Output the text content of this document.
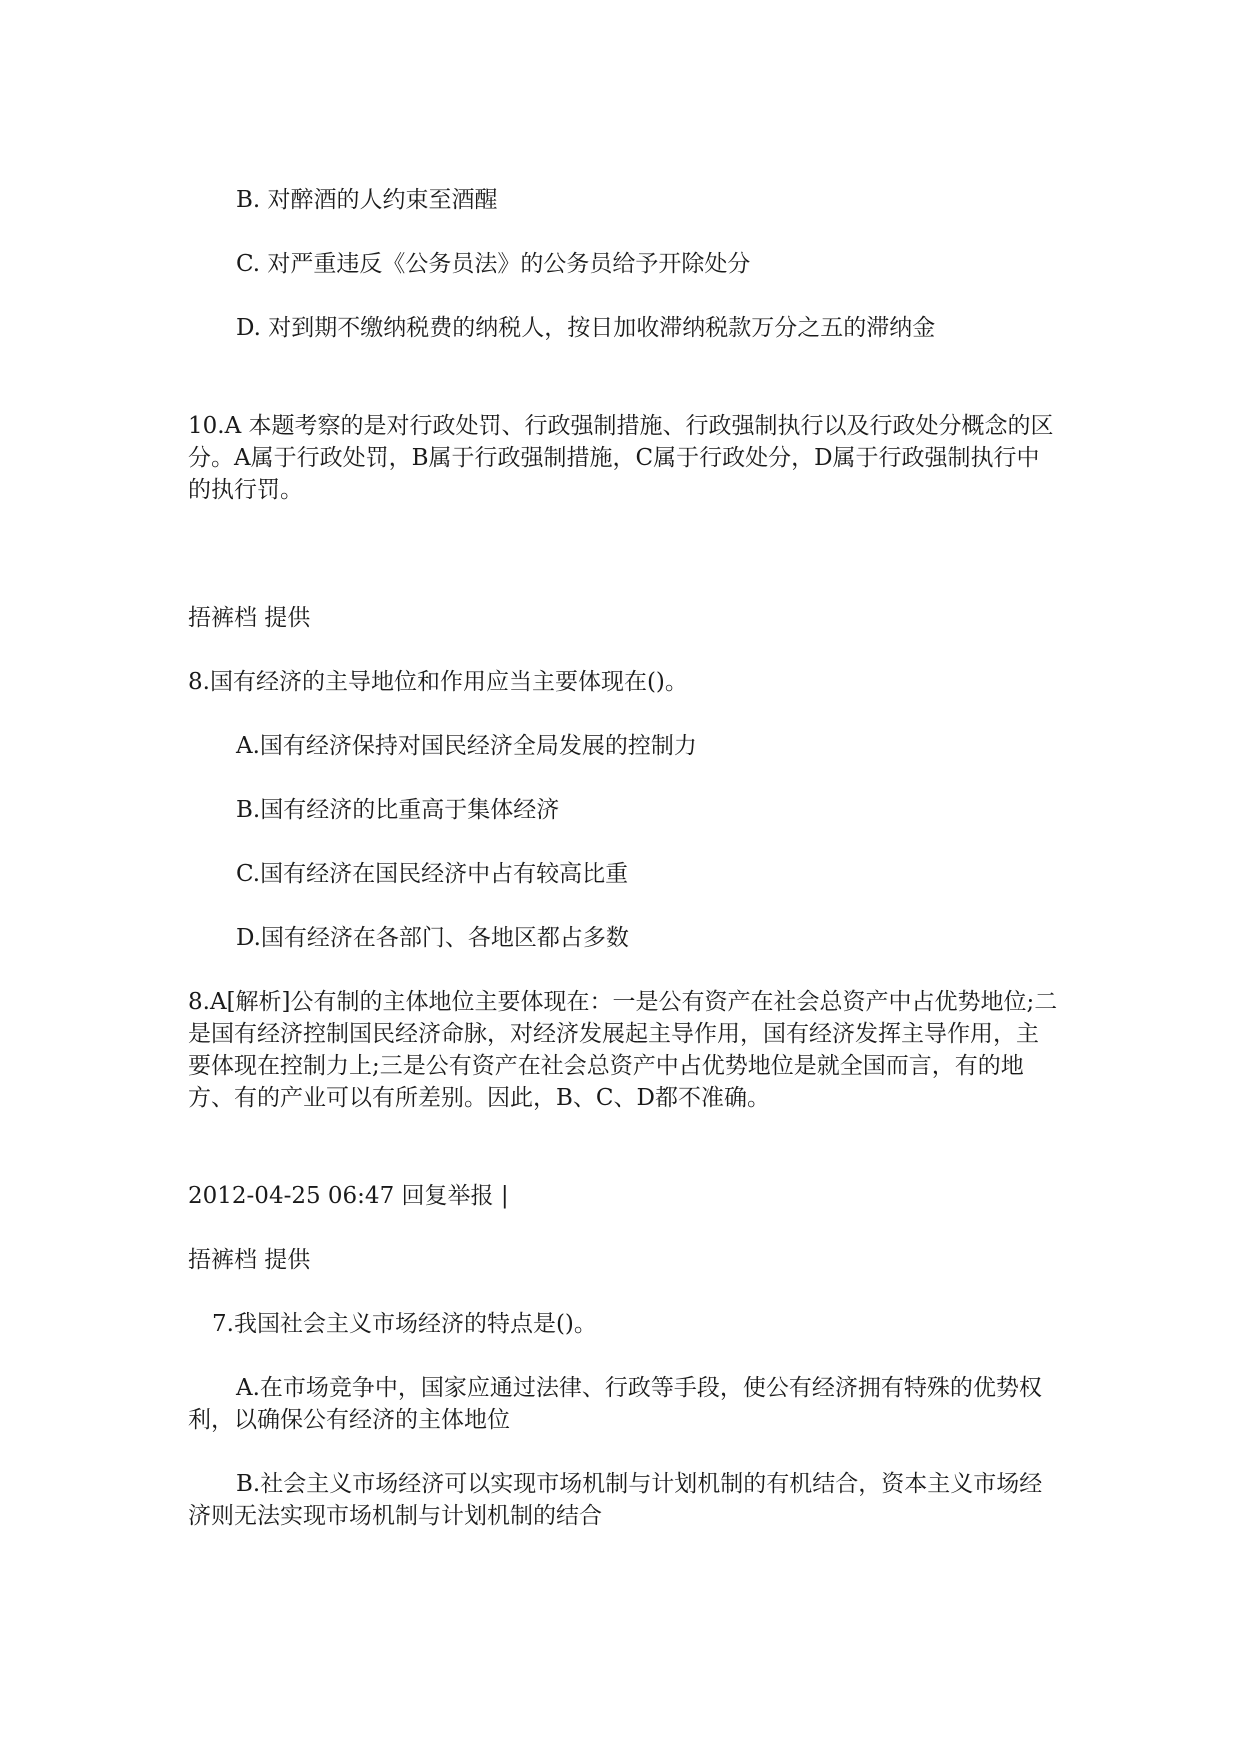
B. 对醉酒的人约束至酒醒
C. 对严重违反《公务员法》的公务员给予开除处分
D. 对到期不缴纳税费的纳税人，按日加收滞纳税款万分之五的滞纳金
10.A 本题考察的是对行政处罚、行政强制措施、行政强制执行以及行政处分概念的区分。A属于行政处罚，B属于行政强制措施，C属于行政处分，D属于行政强制执行中的执行罚。
捂裤档 提供
8.国有经济的主导地位和作用应当主要体现在()。
A.国有经济保持对国民经济全局发展的控制力
B.国有经济的比重高于集体经济
C.国有经济在国民经济中占有较高比重
D.国有经济在各部门、各地区都占多数
8.A[解析]公有制的主体地位主要体现在：一是公有资产在社会总资产中占优势地位;二是国有经济控制国民经济命脉，对经济发展起主导作用，国有经济发挥主导作用，主要体现在控制力上;三是公有资产在社会总资产中占优势地位是就全国而言，有的地方、有的产业可以有所差别。因此，B、C、D都不准确。
2012-04-25 06:47 回复举报 |
捂裤档 提供
7.我国社会主义市场经济的特点是()。
A.在市场竞争中，国家应通过法律、行政等手段，使公有经济拥有特殊的优势权利，以确保公有经济的主体地位
B.社会主义市场经济可以实现市场机制与计划机制的有机结合，资本主义市场经济则无法实现市场机制与计划机制的结合
